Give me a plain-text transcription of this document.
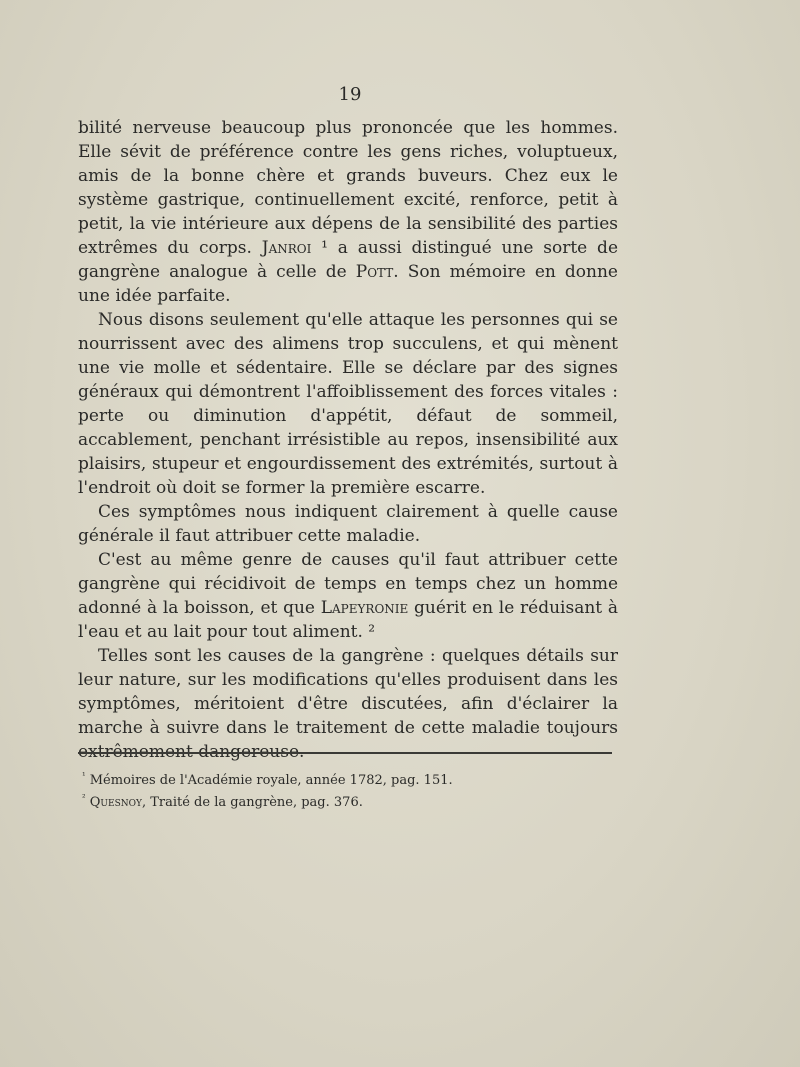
19

bilité nerveuse beaucoup plus prononcée que les hommes. Elle sévit de préférence contre les gens riches, voluptueux, amis de la bonne chère et grands buveurs. Chez eux le système gastrique, continuellement excité, renforce, petit à petit, la vie intérieure aux dépens de la sensibilité des parties extrêmes du corps. Janroi ¹ a aussi distingué une sorte de gangrène analogue à celle de Pott. Son mémoire en donne une idée parfaite.

Nous disons seulement qu'elle attaque les personnes qui se nourrissent avec des alimens trop succulens, et qui mènent une vie molle et sédentaire. Elle se déclare par des signes généraux qui démontrent l'affoiblissement des forces vitales : perte ou diminution d'appétit, défaut de sommeil, accablement, penchant irrésistible au repos, insensibilité aux plaisirs, stupeur et engourdissement des extrémités, surtout à l'endroit où doit se former la première escarre.

Ces symptômes nous indiquent clairement à quelle cause générale il faut attribuer cette maladie.

C'est au même genre de causes qu'il faut attribuer cette gangrène qui récidivoit de temps en temps chez un homme adonné à la boisson, et que Lapeyronie guérit en le réduisant à l'eau et au lait pour tout aliment. ²

Telles sont les causes de la gangrène : quelques détails sur leur nature, sur les modifications qu'elles produisent dans les symptômes, méritoient d'être discutées, afin d'éclairer la marche à suivre dans le traitement de cette maladie toujours extrêmement dangereuse.

$^{^1}$ Mémoires de l'Académie royale, année 1782, pag. 151.
$^{^2}$ Quesnoy, Traité de la gangrène, pag. 376.
